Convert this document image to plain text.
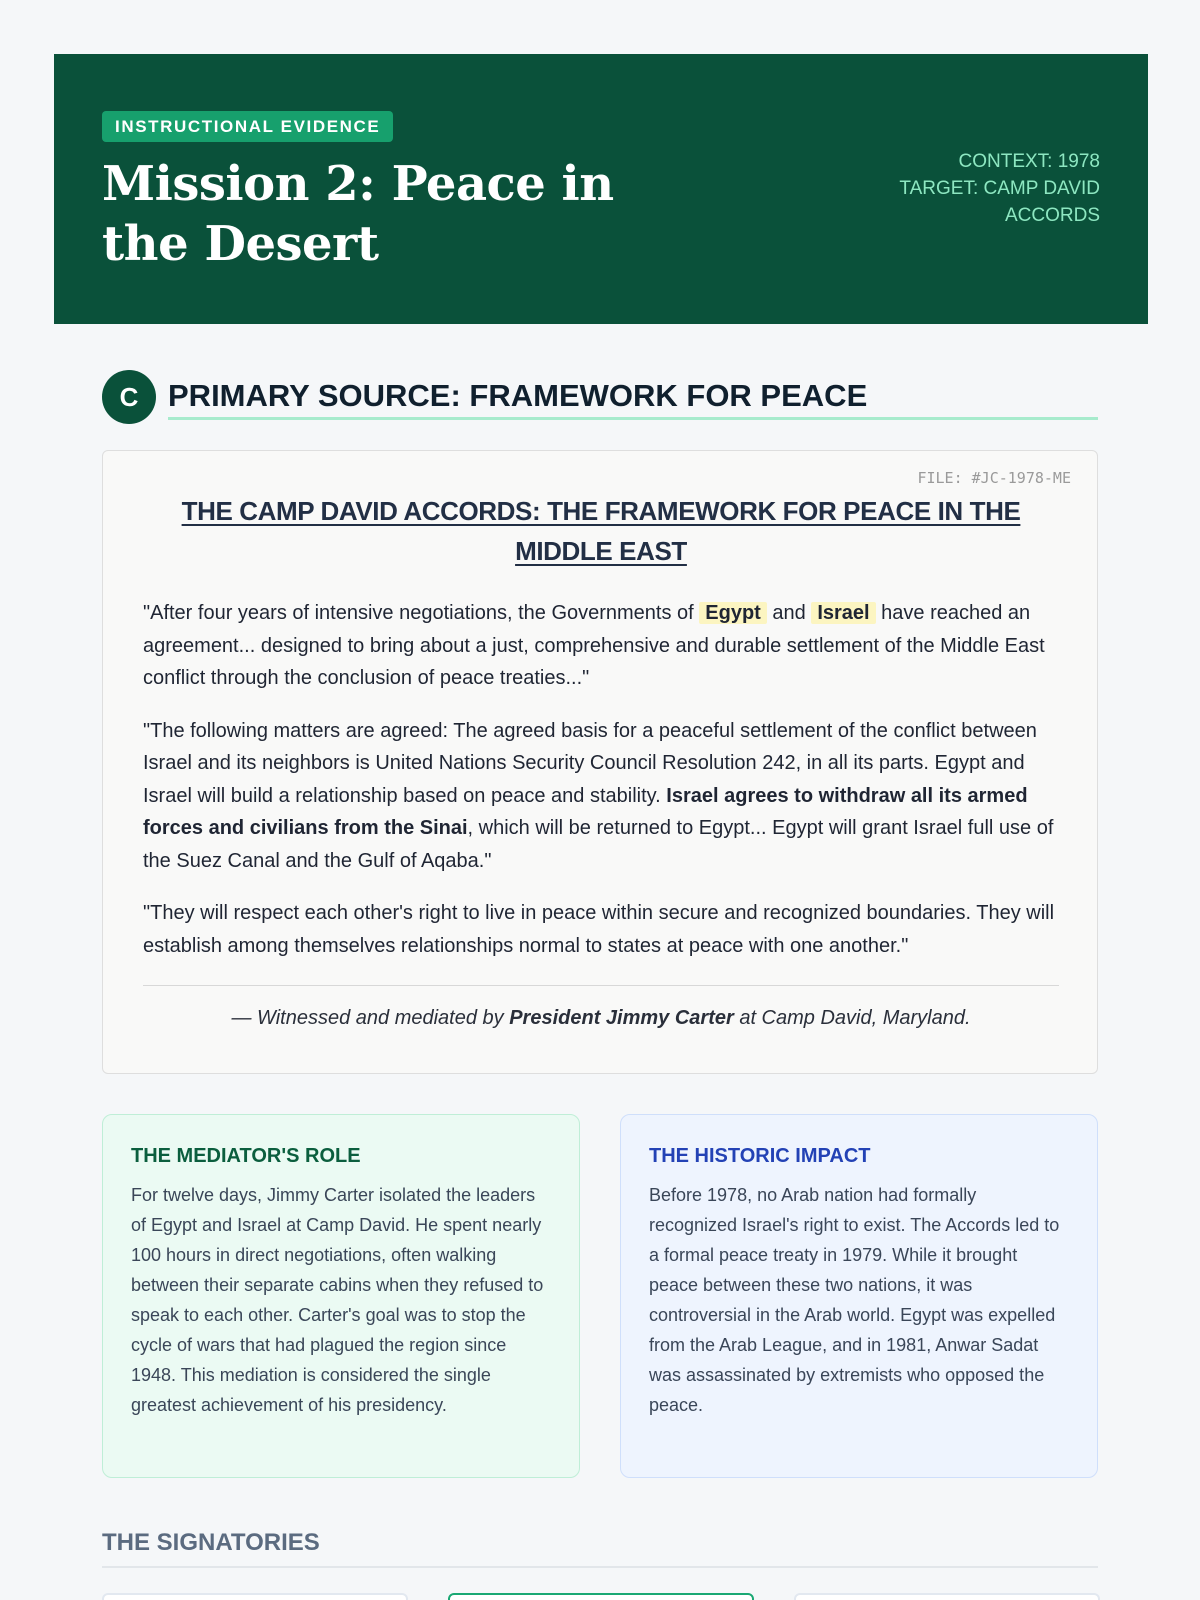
INSTRUCTIONAL EVIDENCE
Mission 2: Peace in the Desert
CONTEXT: 1978
TARGET: CAMP DAVID ACCORDS
C PRIMARY SOURCE: FRAMEWORK FOR PEACE
FILE: #JC-1978-ME
THE CAMP DAVID ACCORDS: THE FRAMEWORK FOR PEACE IN THE MIDDLE EAST

"After four years of intensive negotiations, the Governments of Egypt and Israel have reached an agreement... designed to bring about a just, comprehensive and durable settlement of the Middle East conflict through the conclusion of peace treaties..."

"The following matters are agreed: The agreed basis for a peaceful settlement of the conflict between Israel and its neighbors is United Nations Security Council Resolution 242, in all its parts. Egypt and Israel will build a relationship based on peace and stability. Israel agrees to withdraw all its armed forces and civilians from the Sinai, which will be returned to Egypt... Egypt will grant Israel full use of the Suez Canal and the Gulf of Aqaba."

"They will respect each other's right to live in peace within secure and recognized boundaries. They will establish among themselves relationships normal to states at peace with one another."

— Witnessed and mediated by President Jimmy Carter at Camp David, Maryland.

THE MEDIATOR'S ROLE

For twelve days, Jimmy Carter isolated the leaders of Egypt and Israel at Camp David. He spent nearly 100 hours in direct negotiations, often walking between their separate cabins when they refused to speak to each other. Carter's goal was to stop the cycle of wars that had plagued the region since 1948. This mediation is considered the single greatest achievement of his presidency.

THE HISTORIC IMPACT

Before 1978, no Arab nation had formally recognized Israel's right to exist. The Accords led to a formal peace treaty in 1979. While it brought peace between these two nations, it was controversial in the Arab world. Egypt was expelled from the Arab League, and in 1981, Anwar Sadat was assassinated by extremists who opposed the peace.

THE SIGNATORIES
